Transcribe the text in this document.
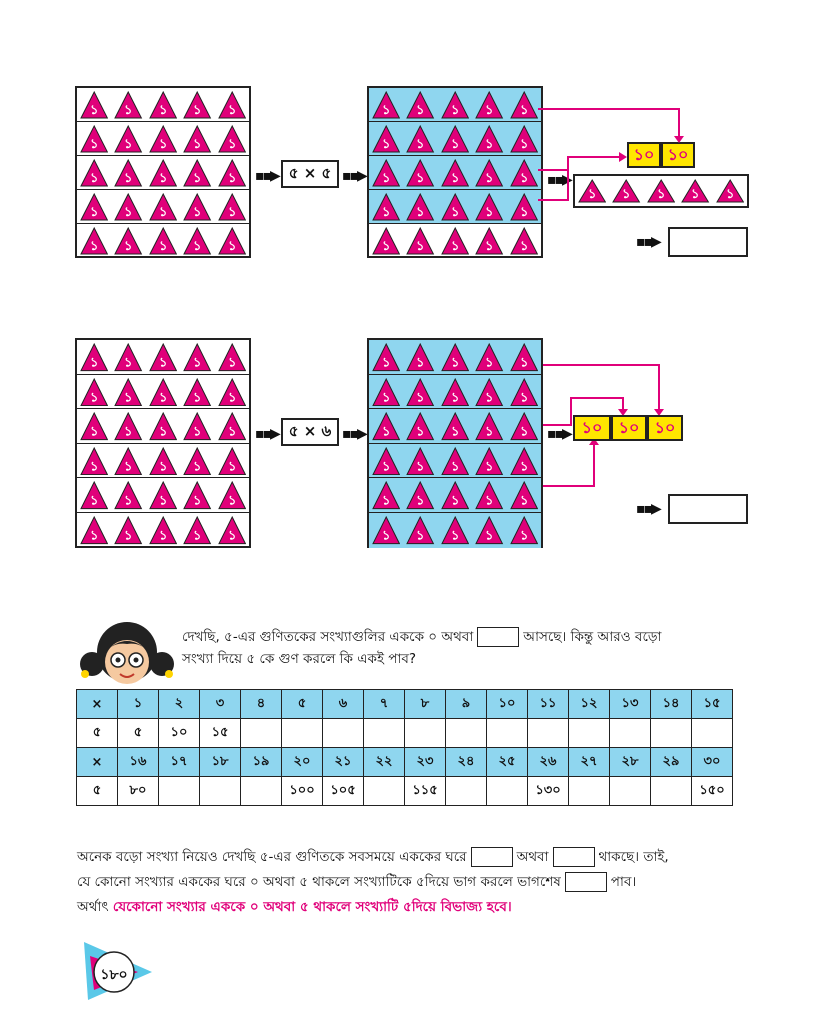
১ ১ ১ ১ ১
১ ১ ১ ১ ১
১ ১ ১ ১ ১
১ ১ ১ ১ ১
১ ১ ১ ১ ১
▪▪▶ ৫ × ৫ ▪▪▶
১ ১ ১ ১ ১
১ ১ ১ ১ ১
১ ১ ১ ১ ১
১ ১ ১ ১ ১
১ ১ ১ ১ ১
▪▪▶
১০ ১০
১ ১ ১ ১ ১
▪▪▶
১ ১ ১ ১ ১
১ ১ ১ ১ ১
১ ১ ১ ১ ১
১ ১ ১ ১ ১
১ ১ ১ ১ ১
১ ১ ১ ১ ১
▪▪▶ ৫ × ৬ ▪▪▶
১ ১ ১ ১ ১
১ ১ ১ ১ ১
১ ১ ১ ১ ১
১ ১ ১ ১ ১
১ ১ ১ ১ ১
১ ১ ১ ১ ১
▪▪▶ ১০	১০ ১০
▪▪▶
দেখছি, ৫-এর গুণিতকের সংখ্যাগুলির এককে ০ অথবা	আসছে। কিন্তু আরও বড়ো
সংখ্যা দিয়ে ৫ কে গুণ করলে কি একই পাব?
×	১	২	৩	৪	৫	৬	৭	৮	৯	১০	১১	১২	১৩	১৪	১৫
৫	৫	১০	১৫												
×	১৬	১৭	১৮	১৯	২০	২১	২২	২৩	২৪	২৫	২৬	২৭	২৮	২৯	৩০
৫	৮০				১০০	১০৫		১১৫			১৩০				১৫০
অনেক বড়ো সংখ্যা নিয়েও দেখছি ৫-এর গুণিতকে সবসময়ে এককের ঘরে	অথবা	থাকছে। তাই,
যে কোনো সংখ্যার এককের ঘরে ০ অথবা ৫ থাকলে সংখ্যাটিকে ৫দিয়ে ভাগ করলে ভাগশেষ	পাব।
অর্থাৎ যেকোনো সংখ্যার এককে ০ অথবা ৫ থাকলে সংখ্যাটি ৫দিয়ে বিভাজ্য হবে।
১৮০
